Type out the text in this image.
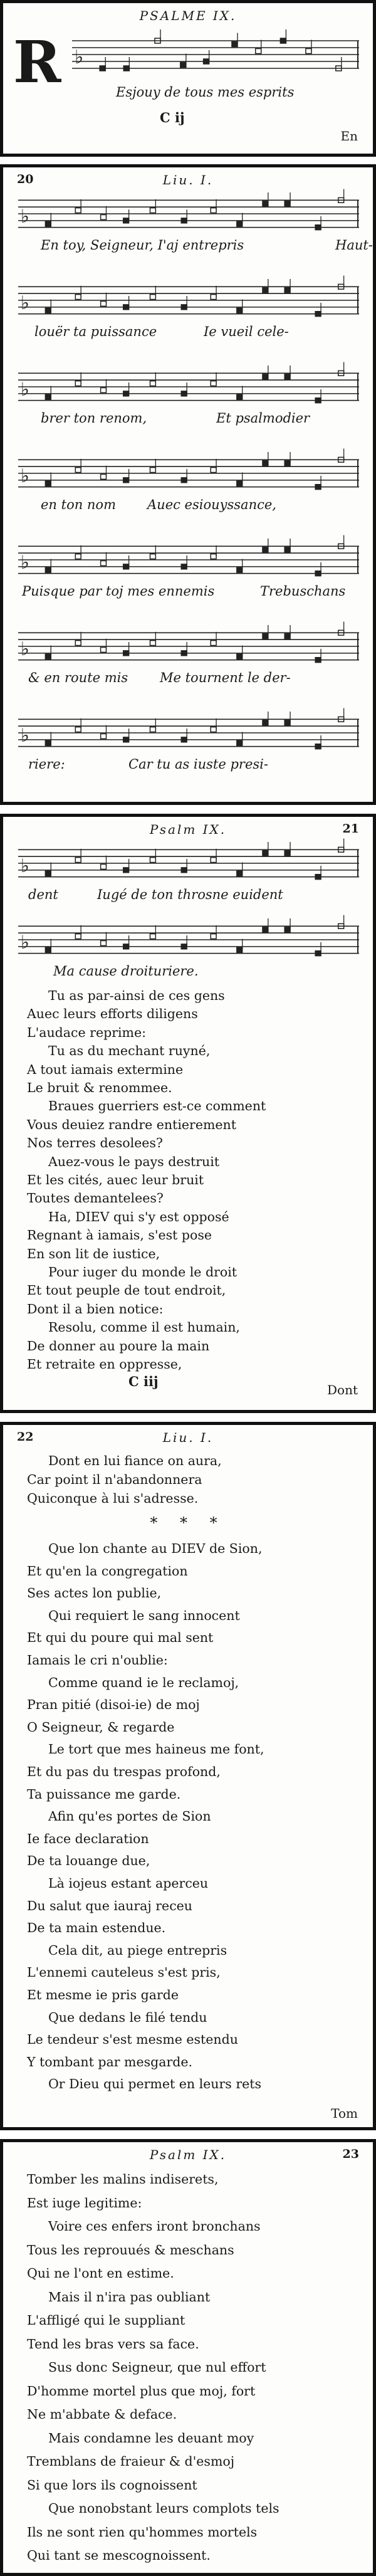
PSALME IX.
R ♭
Esjouy de tous mes esprits
C ij
En
20	Liu. I.
♭
En toy, Seigneur, I'aj entrepris	Haut-
♭
louër ta puissance	Ie vueil cele-
♭
brer ton renom,	Et psalmodier
♭
en ton nom Auec esiouyssance,
♭
Puisque par toj mes ennemis	Trebuschans
♭
& en route mis Me tournent le der-
♭
riere:	Car tu as iuste presi-
Psalm IX.	21
♭
dent	Iugé de ton throsne euident
♭
Ma cause droituriere.
Tu as par-ainsi de ces gens
Auec leurs efforts diligens
L'audace reprime:
Tu as du mechant ruyné,
A tout iamais extermine
Le bruit & renommee.
Braues guerriers est-ce comment
Vous deuiez randre entierement
Nos terres desolees?
Auez-vous le pays destruit
Et les cités, auec leur bruit
Toutes demantelees?
Ha, DIEV qui s'y est opposé
Regnant à iamais, s'est pose
En son lit de iustice,
Pour iuger du monde le droit
Et tout peuple de tout endroit,
Dont il a bien notice:
Resolu, comme il est humain,
De donner au poure la main
Et retraite en oppresse,
C iij
Dont
22	Liu. I.
Dont en lui fiance on aura,
Car point il n'abandonnera
Quiconque à lui s'adresse.
* * *
Que lon chante au DIEV de Sion,
Et qu'en la congregation
Ses actes lon publie,
Qui requiert le sang innocent
Et qui du poure qui mal sent
Iamais le cri n'oublie:
Comme quand ie le reclamoj,
Pran pitié (disoi-ie) de moj
O Seigneur, & regarde
Le tort que mes haineus me font,
Et du pas du trespas profond,
Ta puissance me garde.
Afin qu'es portes de Sion
Ie face declaration
De ta louange due,
Là iojeus estant aperceu
Du salut que iauraj receu
De ta main estendue.
Cela dit, au piege entrepris
L'ennemi cauteleus s'est pris,
Et mesme ie pris garde
Que dedans le filé tendu
Le tendeur s'est mesme estendu
Y tombant par mesgarde.
Or Dieu qui permet en leurs rets
Tom
Psalm IX.	23
Tomber les malins indiserets,
Est iuge legitime:
Voire ces enfers iront bronchans
Tous les reprouués & meschans
Qui ne l'ont en estime.
Mais il n'ira pas oubliant
L'affligé qui le suppliant
Tend les bras vers sa face.
Sus donc Seigneur, que nul effort
D'homme mortel plus que moj, fort
Ne m'abbate & deface.
Mais condamne les deuant moy
Tremblans de fraieur & d'esmoj
Si que lors ils cognoissent
Que nonobstant leurs complots tels
Ils ne sont rien qu'hommes mortels
Qui tant se mescognoissent.
